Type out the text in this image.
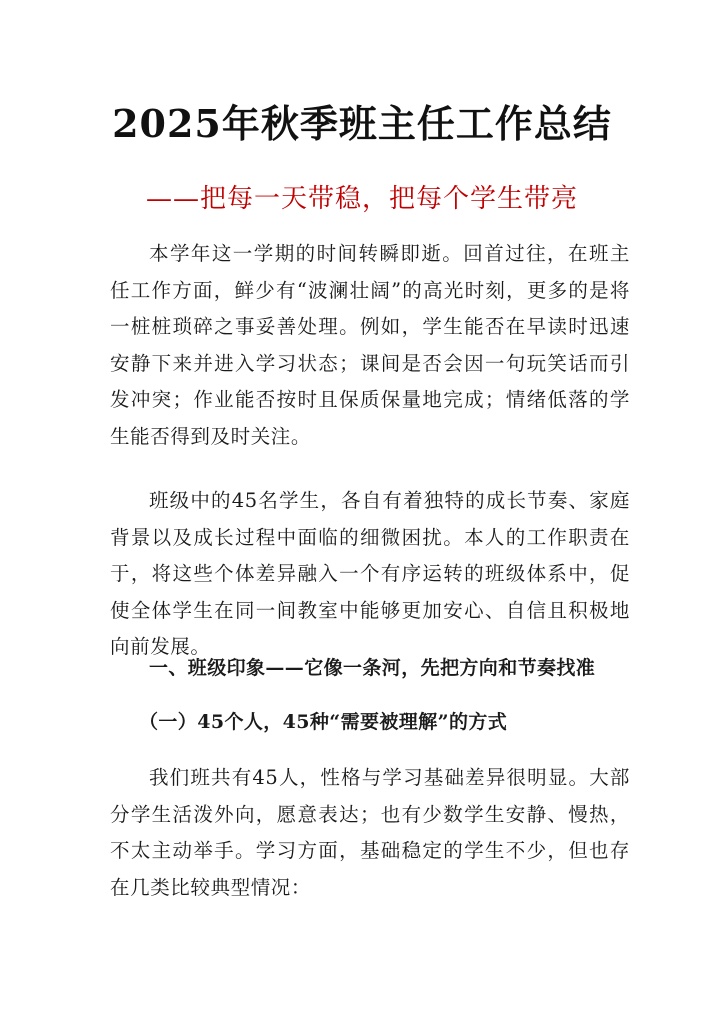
2025年秋季班主任工作总结
——把每一天带稳，把每个学生带亮

本学年这一学期的时间转瞬即逝。回首过往，在班主任工作方面，鲜少有“波澜壮阔”的高光时刻，更多的是将一桩桩琐碎之事妥善处理。例如，学生能否在早读时迅速安静下来并进入学习状态；课间是否会因一句玩笑话而引发冲突；作业能否按时且保质保量地完成；情绪低落的学生能否得到及时关注。

班级中的45名学生，各自有着独特的成长节奏、家庭背景以及成长过程中面临的细微困扰。本人的工作职责在于，将这些个体差异融入一个有序运转的班级体系中，促使全体学生在同一间教室中能够更加安心、自信且积极地向前发展。

一、班级印象——它像一条河，先把方向和节奏找准
（一）45个人，45种“需要被理解”的方式

我们班共有45人，性格与学习基础差异很明显。大部分学生活泼外向，愿意表达；也有少数学生安静、慢热，不太主动举手。学习方面，基础稳定的学生不少，但也存在几类比较典型情况：
